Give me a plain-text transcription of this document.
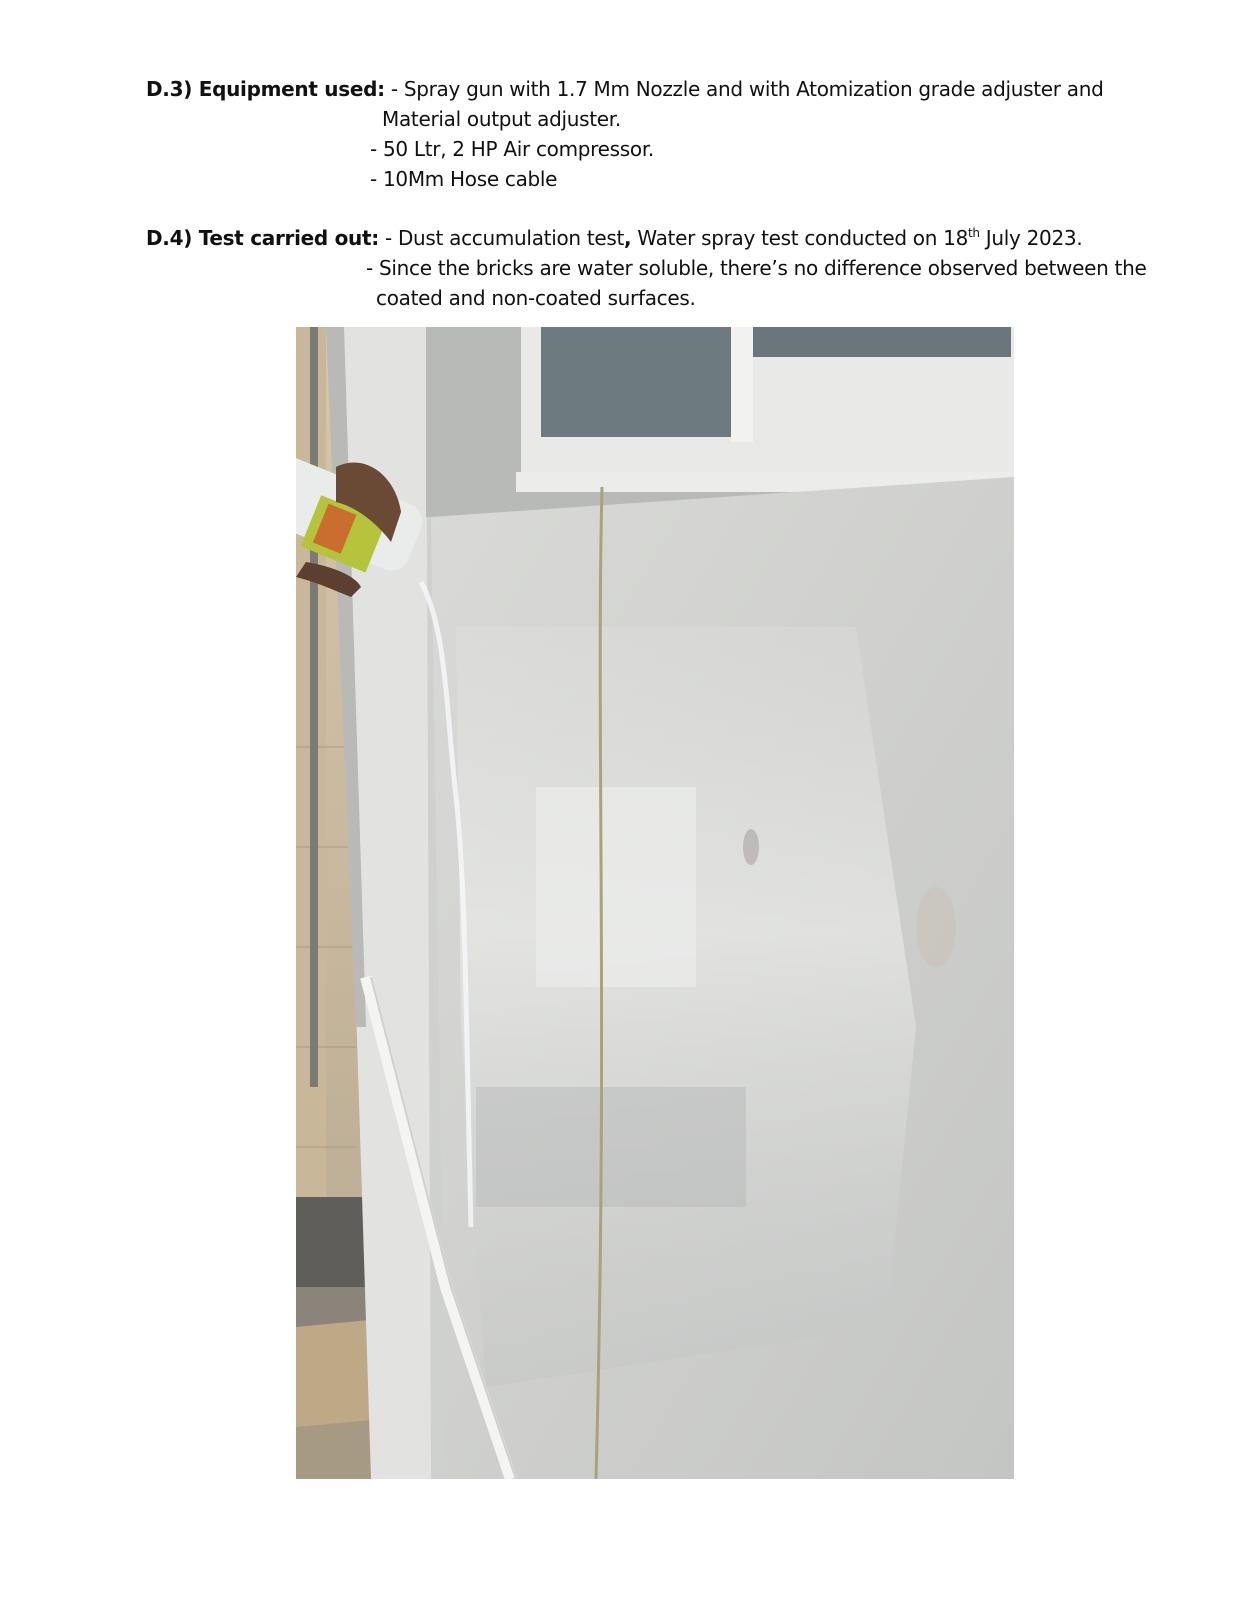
D.3) Equipment used: - Spray gun with 1.7 Mm Nozzle and with Atomization grade adjuster and
Material output adjuster.
- 50 Ltr, 2 HP Air compressor.
- 10Mm Hose cable
D.4) Test carried out: - Dust accumulation test, Water spray test conducted on 18th July 2023.
- Since the bricks are water soluble, there’s no difference observed between the
coated and non-coated surfaces.
